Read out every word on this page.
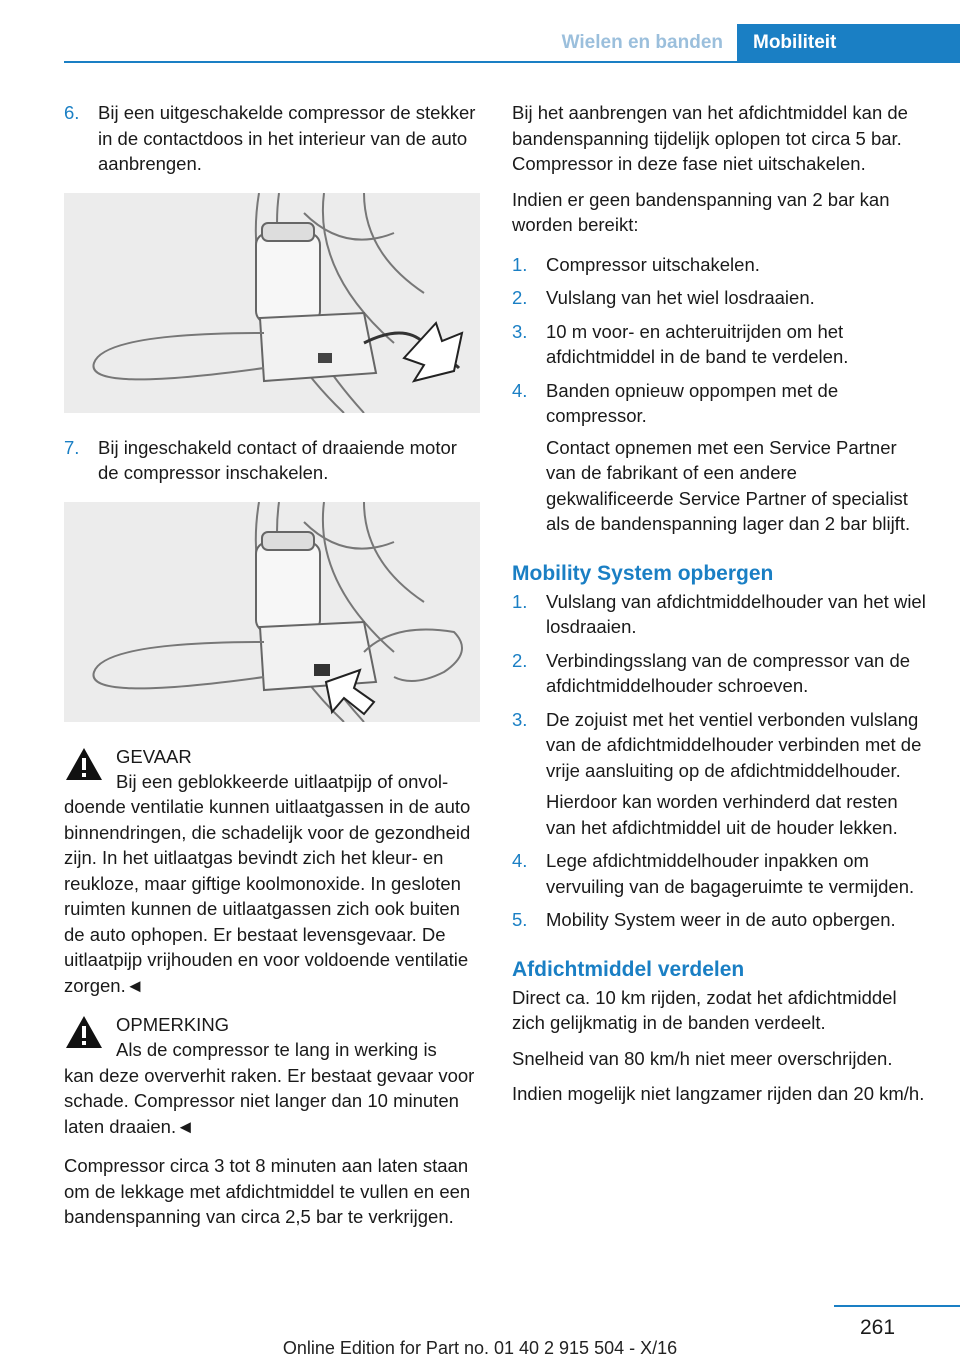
Wielen en banden	Mobiliteit
6.	Bij een uitgeschakelde compressor de stekker in de contactdoos in het interieur van de auto aanbrengen.
7.	Bij ingeschakeld contact of draaiende motor de compressor inschakelen.
GEVAAR
Bij een geblokkeerde uitlaatpijp of onvol-

doende ventilatie kunnen uitlaatgassen in de auto binnendringen, die schadelijk voor de gezondheid zijn. In het uitlaatgas bevindt zich het kleur- en reukloze, maar giftige koolmonoxide. In gesloten ruimten kunnen de uitlaatgassen zich ook buiten de auto ophopen. Er bestaat levensgevaar. De uitlaatpijp vrijhouden en voor voldoende ventilatie zorgen.◄

OPMERKING
Als de compressor te lang in werking is

kan deze oververhit raken. Er bestaat gevaar voor schade. Compressor niet langer dan 10 minuten laten draaien.◄

Compressor circa 3 tot 8 minuten aan laten staan om de lekkage met afdichtmiddel te vullen en een bandenspanning van circa 2,5 bar te verkrijgen.

Bij het aanbrengen van het afdichtmiddel kan de bandenspanning tijdelijk oplopen tot circa 5 bar. Compressor in deze fase niet uitschakelen.

Indien er geen bandenspanning van 2 bar kan worden bereikt:

1.	Compressor uitschakelen.
2.	Vulslang van het wiel losdraaien.
3.	10 m voor- en achteruitrijden om het afdichtmiddel in de band te verdelen.
4.	Banden opnieuw oppompen met de compressor.

Contact opnemen met een Service Partner van de fabrikant of een andere gekwalificeerde Service Partner of specialist als de bandenspanning lager dan 2 bar blijft.

Mobility System opbergen
1.	Vulslang van afdichtmiddelhouder van het wiel losdraaien.
2.	Verbindingsslang van de compressor van de afdichtmiddelhouder schroeven.
3.	De zojuist met het ventiel verbonden vulslang van de afdichtmiddelhouder verbinden met de vrije aansluiting op de afdichtmiddelhouder.

Hierdoor kan worden verhinderd dat resten van het afdichtmiddel uit de houder lekken.

4.	Lege afdichtmiddelhouder inpakken om vervuiling van de bagageruimte te vermijden.
5.	Mobility System weer in de auto opbergen.
Afdichtmiddel verdelen

Direct ca. 10 km rijden, zodat het afdichtmiddel zich gelijkmatig in de banden verdeelt.

Snelheid van 80 km/h niet meer overschrijden.

Indien mogelijk niet langzamer rijden dan 20 km/h.

261
Online Edition for Part no. 01 40 2 915 504 - X/16
